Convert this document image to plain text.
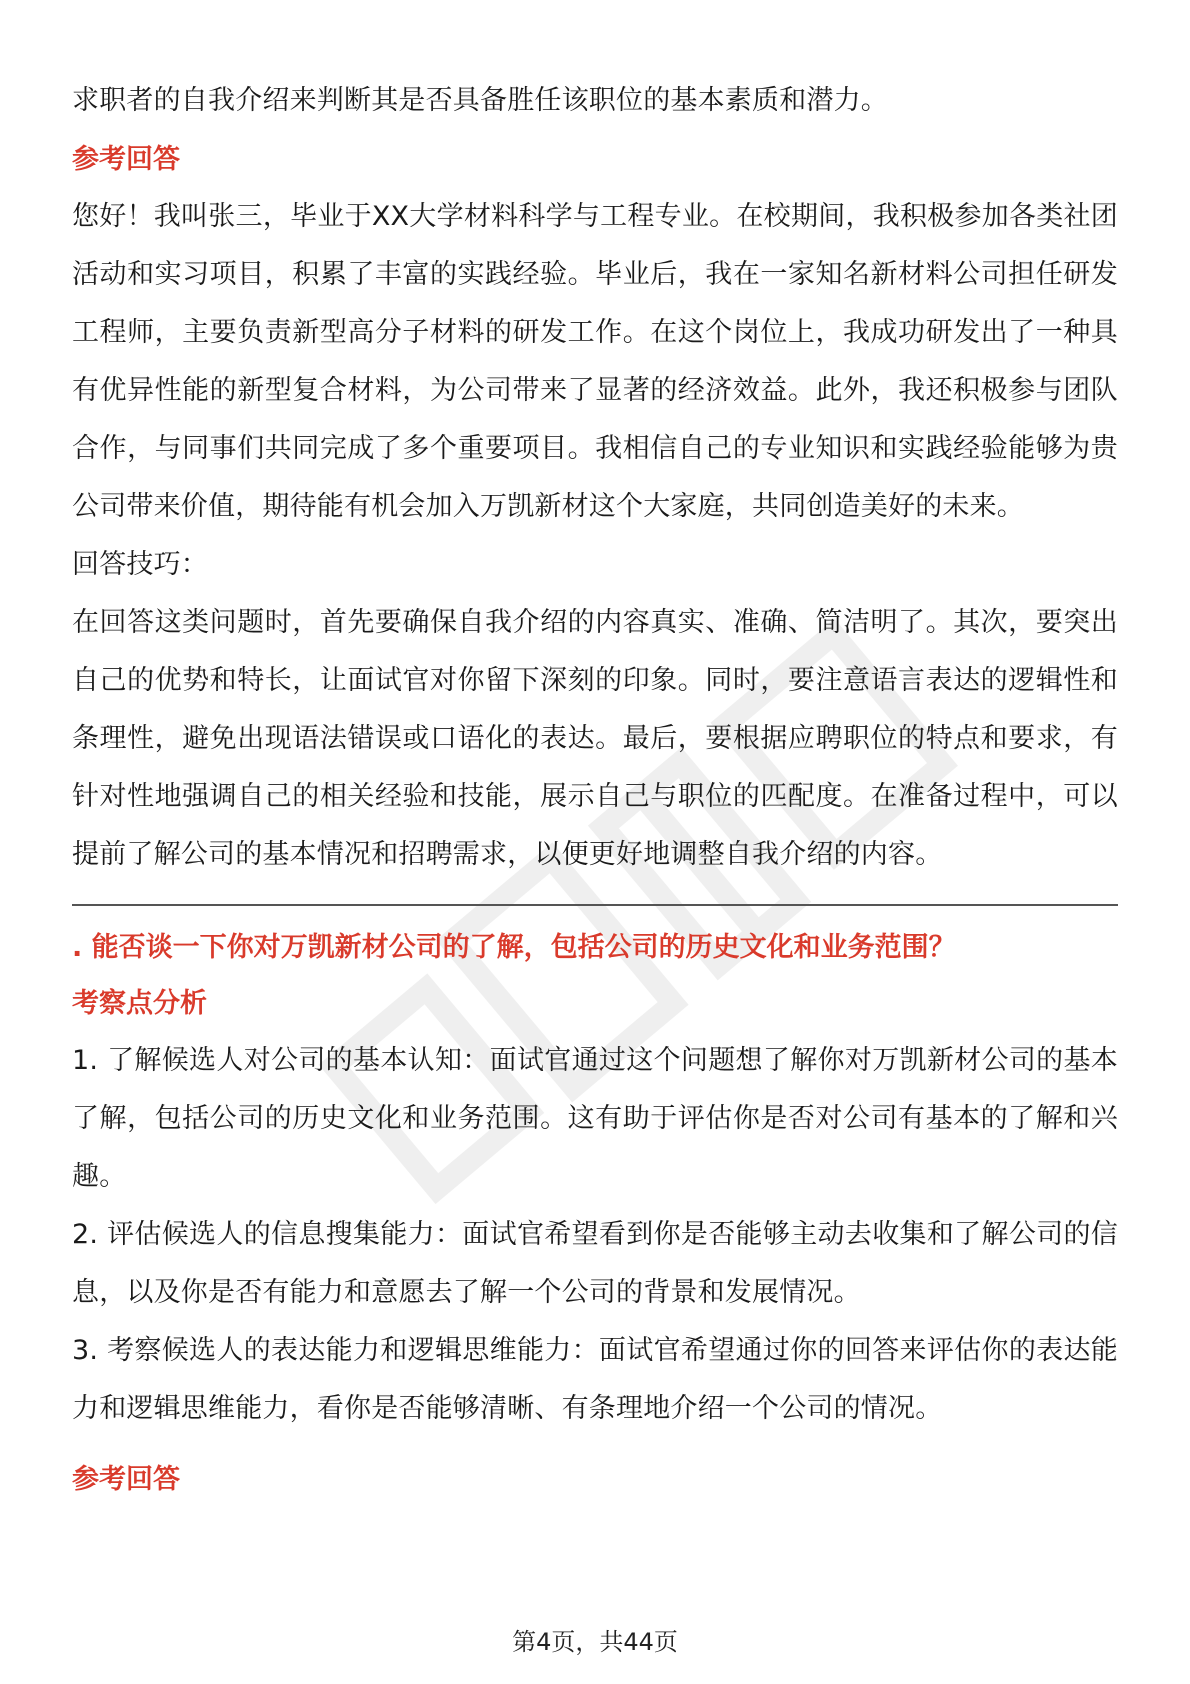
求职者的自我介绍来判断其是否具备胜任该职位的基本素质和潜力。

参考回答

您好！我叫张三，毕业于XX大学材料科学与工程专业。在校期间，我积极参加各类社团活动和实习项目，积累了丰富的实践经验。毕业后，我在一家知名新材料公司担任研发工程师，主要负责新型高分子材料的研发工作。在这个岗位上，我成功研发出了一种具有优异性能的新型复合材料，为公司带来了显著的经济效益。此外，我还积极参与团队合作，与同事们共同完成了多个重要项目。我相信自己的专业知识和实践经验能够为贵公司带来价值，期待能有机会加入万凯新材这个大家庭，共同创造美好的未来。

回答技巧：

在回答这类问题时，首先要确保自我介绍的内容真实、准确、简洁明了。其次，要突出自己的优势和特长，让面试官对你留下深刻的印象。同时，要注意语言表达的逻辑性和条理性，避免出现语法错误或口语化的表达。最后，要根据应聘职位的特点和要求，有针对性地强调自己的相关经验和技能，展示自己与职位的匹配度。在准备过程中，可以提前了解公司的基本情况和招聘需求，以便更好地调整自我介绍的内容。

. 能否谈一下你对万凯新材公司的了解，包括公司的历史文化和业务范围？

考察点分析

1. 了解候选人对公司的基本认知：面试官通过这个问题想了解你对万凯新材公司的基本了解，包括公司的历史文化和业务范围。这有助于评估你是否对公司有基本的了解和兴趣。

2. 评估候选人的信息搜集能力：面试官希望看到你是否能够主动去收集和了解公司的信息，以及你是否有能力和意愿去了解一个公司的背景和发展情况。

3. 考察候选人的表达能力和逻辑思维能力：面试官希望通过你的回答来评估你的表达能力和逻辑思维能力，看你是否能够清晰、有条理地介绍一个公司的情况。

参考回答

第4页，共44页
